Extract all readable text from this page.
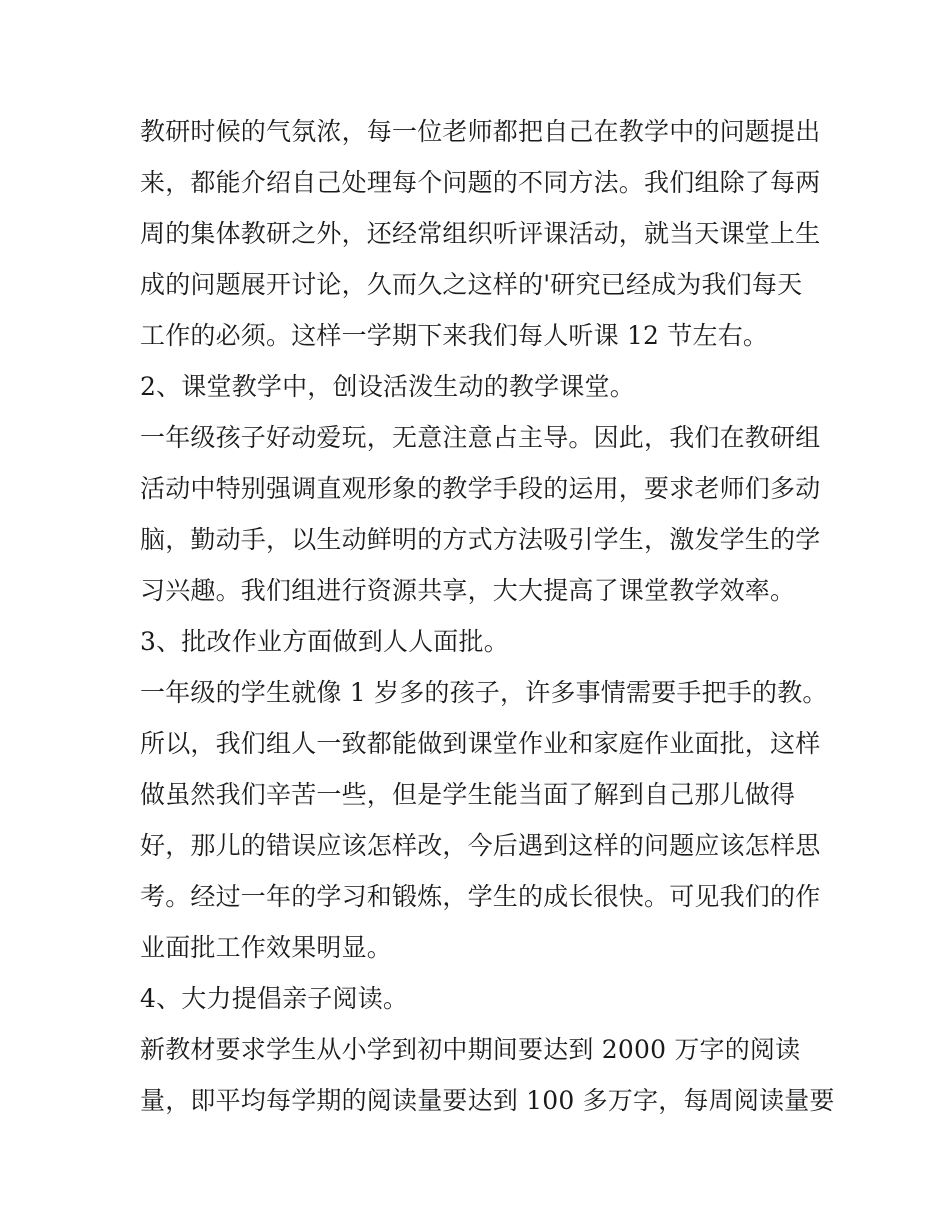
教研时候的气氛浓，每一位老师都把自己在教学中的问题提出
来，都能介绍自己处理每个问题的不同方法。我们组除了每两
周的集体教研之外，还经常组织听评课活动，就当天课堂上生
成的问题展开讨论，久而久之这样的'研究已经成为我们每天
工作的必须。这样一学期下来我们每人听课 12 节左右。
2、课堂教学中，创设活泼生动的教学课堂。
一年级孩子好动爱玩，无意注意占主导。因此，我们在教研组
活动中特别强调直观形象的教学手段的运用，要求老师们多动
脑，勤动手，以生动鲜明的方式方法吸引学生，激发学生的学
习兴趣。我们组进行资源共享，大大提高了课堂教学效率。
3、批改作业方面做到人人面批。
一年级的学生就像 1 岁多的孩子，许多事情需要手把手的教。
所以，我们组人一致都能做到课堂作业和家庭作业面批，这样
做虽然我们辛苦一些，但是学生能当面了解到自己那儿做得
好，那儿的错误应该怎样改，今后遇到这样的问题应该怎样思
考。经过一年的学习和锻炼，学生的成长很快。可见我们的作
业面批工作效果明显。
4、大力提倡亲子阅读。
新教材要求学生从小学到初中期间要达到 2000 万字的阅读
量，即平均每学期的阅读量要达到 100 多万字，每周阅读量要
